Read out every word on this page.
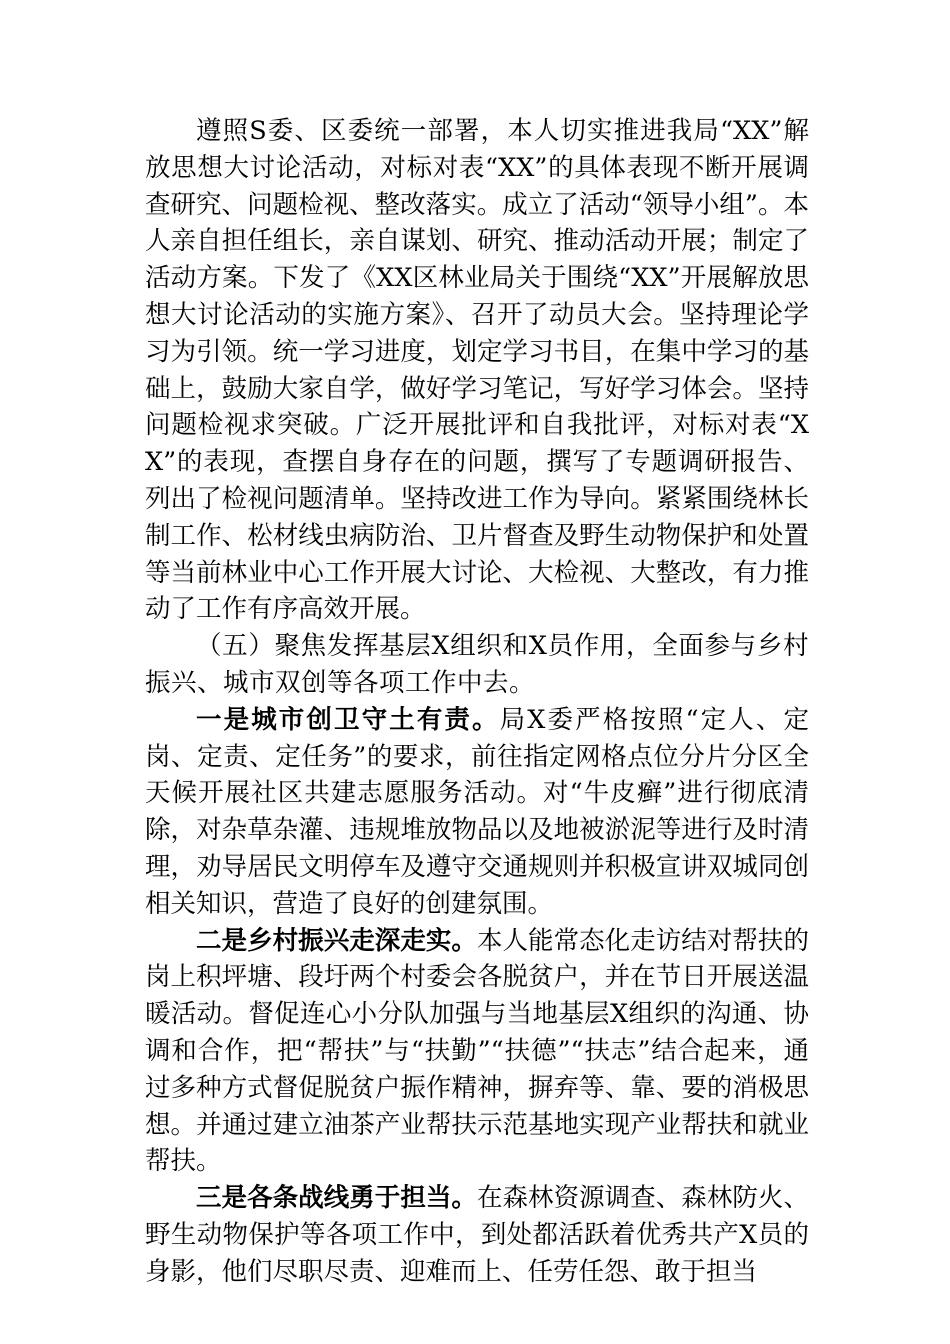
遵照S委、区委统一部署，本人切实推进我局“XX”解放思想大讨论活动，对标对表“XX”的具体表现不断开展调查研究、问题检视、整改落实。成立了活动“领导小组”。本人亲自担任组长，亲自谋划、研究、推动活动开展；制定了活动方案。下发了《XX区林业局关于围绕“XX”开展解放思想大讨论活动的实施方案》、召开了动员大会。坚持理论学习为引领。统一学习进度，划定学习书目，在集中学习的基础上，鼓励大家自学，做好学习笔记，写好学习体会。坚持问题检视求突破。广泛开展批评和自我批评，对标对表“XX”的表现，查摆自身存在的问题，撰写了专题调研报告、列出了检视问题清单。坚持改进工作为导向。紧紧围绕林长制工作、松材线虫病防治、卫片督查及野生动物保护和处置等当前林业中心工作开展大讨论、大检视、大整改，有力推动了工作有序高效开展。

（五）聚焦发挥基层X组织和X员作用，全面参与乡村振兴、城市双创等各项工作中去。

一是城市创卫守土有责。局X委严格按照“定人、定岗、定责、定任务”的要求，前往指定网格点位分片分区全天候开展社区共建志愿服务活动。对“牛皮癣”进行彻底清除，对杂草杂灌、违规堆放物品以及地被淤泥等进行及时清理，劝导居民文明停车及遵守交通规则并积极宣讲双城同创相关知识，营造了良好的创建氛围。

二是乡村振兴走深走实。本人能常态化走访结对帮扶的岗上积坪塘、段圩两个村委会各脱贫户，并在节日开展送温暖活动。督促连心小分队加强与当地基层X组织的沟通、协调和合作，把“帮扶”与“扶勤”“扶德”“扶志”结合起来，通过多种方式督促脱贫户振作精神，摒弃等、靠、要的消极思想。并通过建立油茶产业帮扶示范基地实现产业帮扶和就业帮扶。

三是各条战线勇于担当。在森林资源调查、森林防火、野生动物保护等各项工作中，到处都活跃着优秀共产X员的身影，他们尽职尽责、迎难而上、任劳任怨、敢于担当
